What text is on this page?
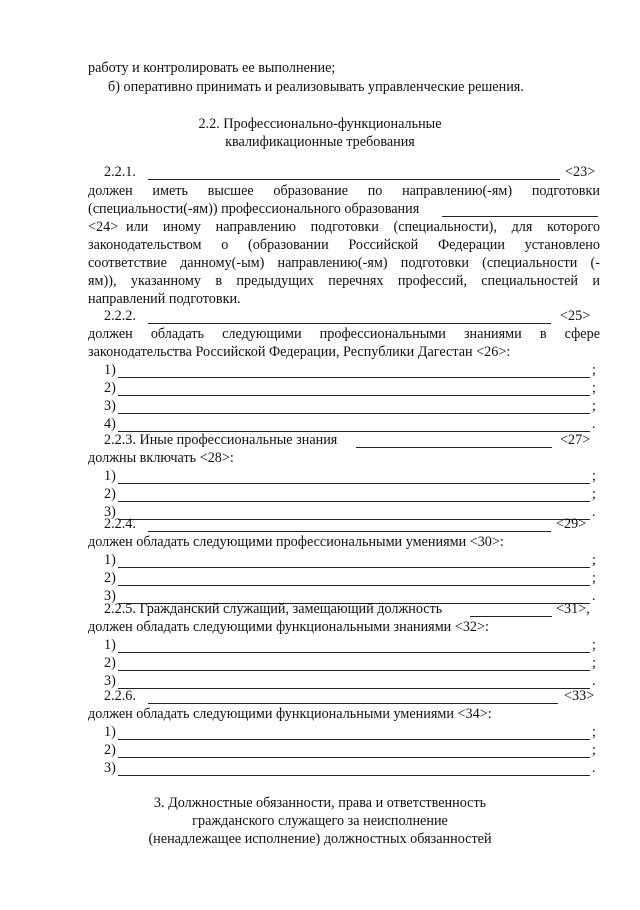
работу и контролировать ее выполнение;
б) оперативно принимать и реализовывать управленческие решения.
2.2. Профессионально-функциональные
квалификационные требования
2.2.1.	<23>
должен иметь высшее образование по направлению(-ям) подготовки
(специальности(-ям)) профессионального образования
<24> или иному направлению подготовки (специальности), для которого
законодательством о (образовании Российской Федерации установлено
соответствие данному(-ым) направлению(-ям) подготовки (специальности (-
ям)), указанному в предыдущих перечнях профессий, специальностей и
направлений подготовки.
2.2.2.	<25>
должен обладать следующими профессиональными знаниями в сфере
законодательства Российской Федерации, Республики Дагестан <26>:
1)	;
2)	;
3)	;
4)	.
2.2.3. Иные профессиональные знания	<27>
должны включать <28>:
1)	;
2)	;
3)	.
2.2.4.	<29>
должен обладать следующими профессиональными умениями <30>:
1)	;
2)	;
3)	.
2.2.5. Гражданский служащий, замещающий должность	<31>,
должен обладать следующими функциональными знаниями <32>:
1)	;
2)	;
3)	.
2.2.6.	<33>
должен обладать следующими функциональными умениями <34>:
1)	;
2)	;
3)	.
3. Должностные обязанности, права и ответственность
гражданского служащего за неисполнение
(ненадлежащее исполнение) должностных обязанностей
